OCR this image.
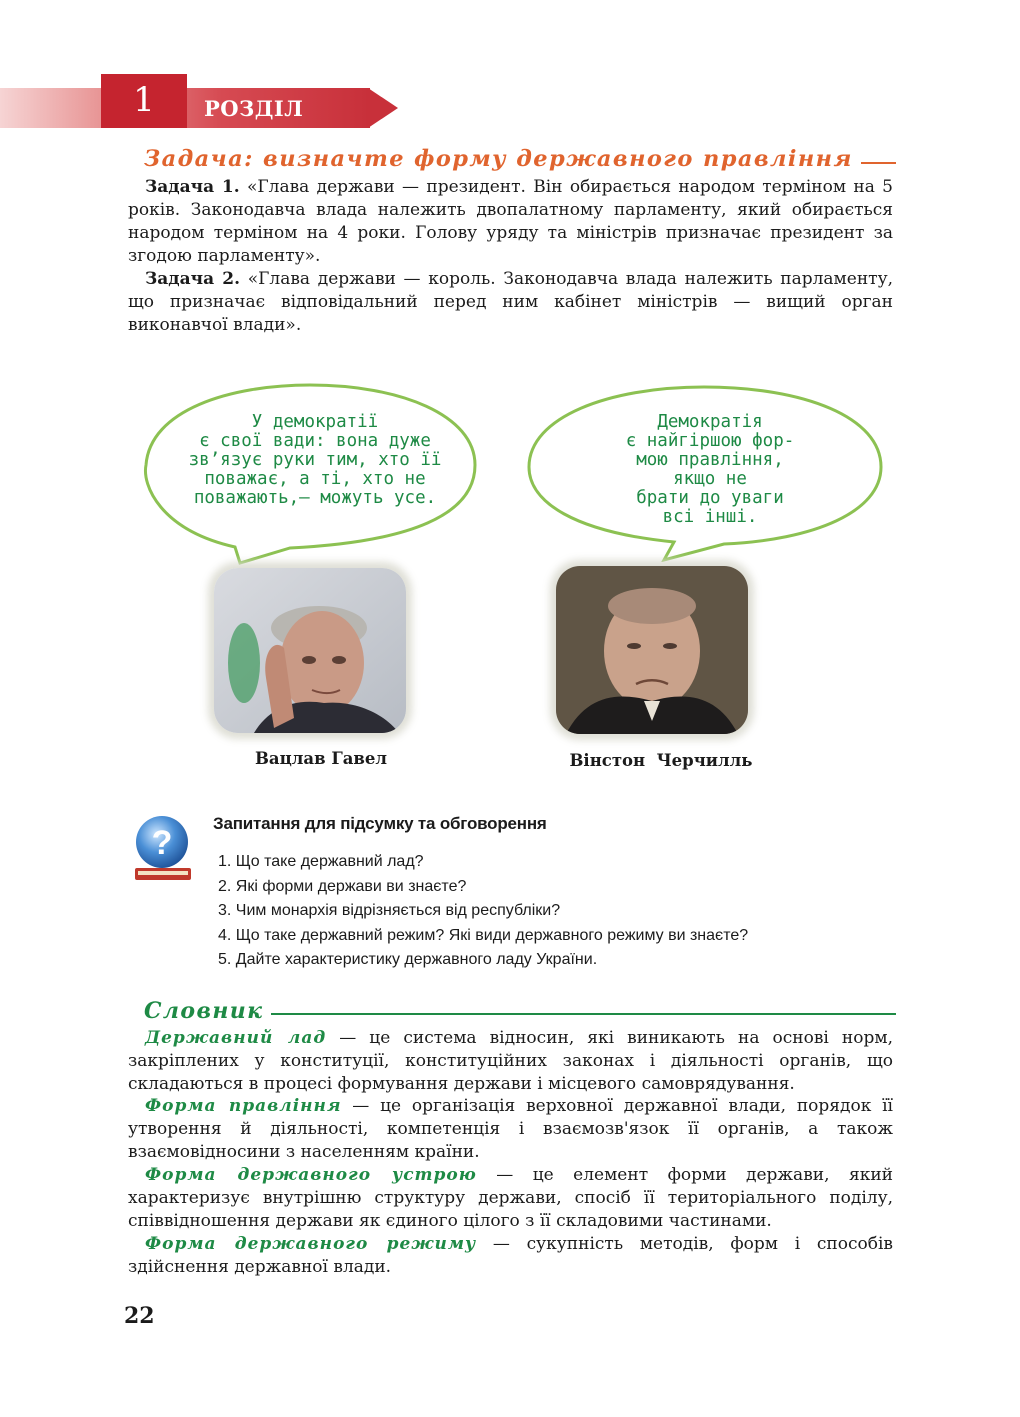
1	РОЗДІЛ
Задача: визначте форму державного правління
Задача 1. «Глава держави — президент. Він обирається народом терміном на 5 років. Законодавча влада належить двопалатному парламенту, який обирається народом терміном на 4 роки. Голову уряду та міністрів призначає президент за згодою парламенту».
Задача 2. «Глава держави — король. Законодавча влада належить парламенту, що призначає відповідальний перед ним кабінет міністрів — вищий орган виконавчої влади».
У демократії
є свої вади: вона дуже
зв’язує руки тим, хто її
поважає, а ті, хто не
поважають,— можуть усе.
Демократія
є найгіршою фор-
мою правління,
якщо не
брати до уваги
всі інші.
Вацлав Гавел	Вінстон  Черчилль
?
Запитання для підсумку та обговорення
1. Що таке державний лад?
2. Які форми держави ви знаєте?
3. Чим монархія відрізняється від республіки?
4. Що таке державний режим? Які види державного режиму ви знаєте?
5. Дайте характеристику державного ладу України.
Словник
Державний лад — це система відносин, які виникають на основі норм, закріплених у конституції, конституційних законах і діяльності органів, що складаються в процесі формування держави і місцевого самоврядування.
Форма правління — це організація верховної державної влади, порядок її утворення й діяльності, компетенція і взаємозв'язок її органів, а також взаємовідносини з населенням країни.
Форма державного устрою — це елемент форми держави, який характеризує внутрішню структуру держави, спосіб її територіального поділу, співвідношення держави як єдиного цілого з її складовими частинами.
Форма державного режиму — сукупність методів, форм і способів здійснення державної влади.
22
